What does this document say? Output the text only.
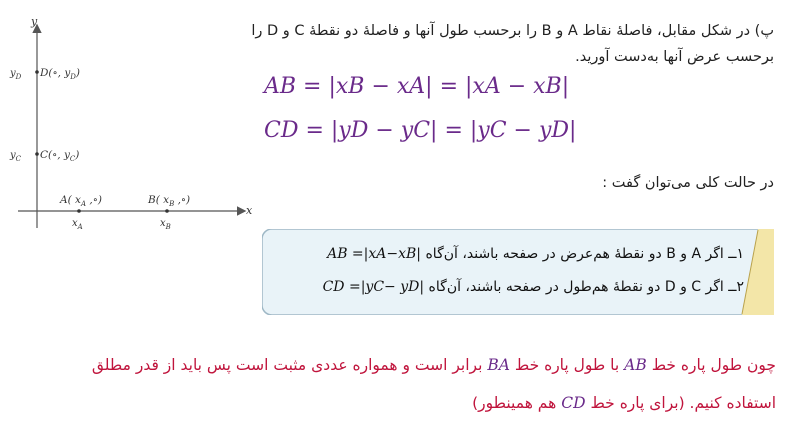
y
x
$y_D$ D(∘, $y_D$)
$y_C$ C(∘, $y_C$)
A( $x_A$ ,∘)
$x_A$
B( $x_B$ ,∘)
$x_B$
پ) در شکل مقابل، فاصلهٔ نقاط A و B را برحسب طول آنها و فاصلهٔ دو نقطهٔ C و D را
برحسب عرض آنها به‌دست آورید.
AB = |xB − xA| = |xA − xB|
CD = |yD − yC| = |yC − yD|
در حالت کلی می‌توان گفت :
۱ــ اگر A و B دو نقطهٔ هم‌عرض در صفحه باشند، آن‌گاه AB =|xA−xB|
۲ــ اگر C و D دو نقطهٔ هم‌طول در صفحه باشند، آن‌گاه CD =|yC− yD|
چون طول پاره خط AB با طول پاره خط BA برابر است و همواره عددی مثبت است پس باید از قدر مطلق
استفاده کنیم. (برای پاره خط CD هم همینطور)
